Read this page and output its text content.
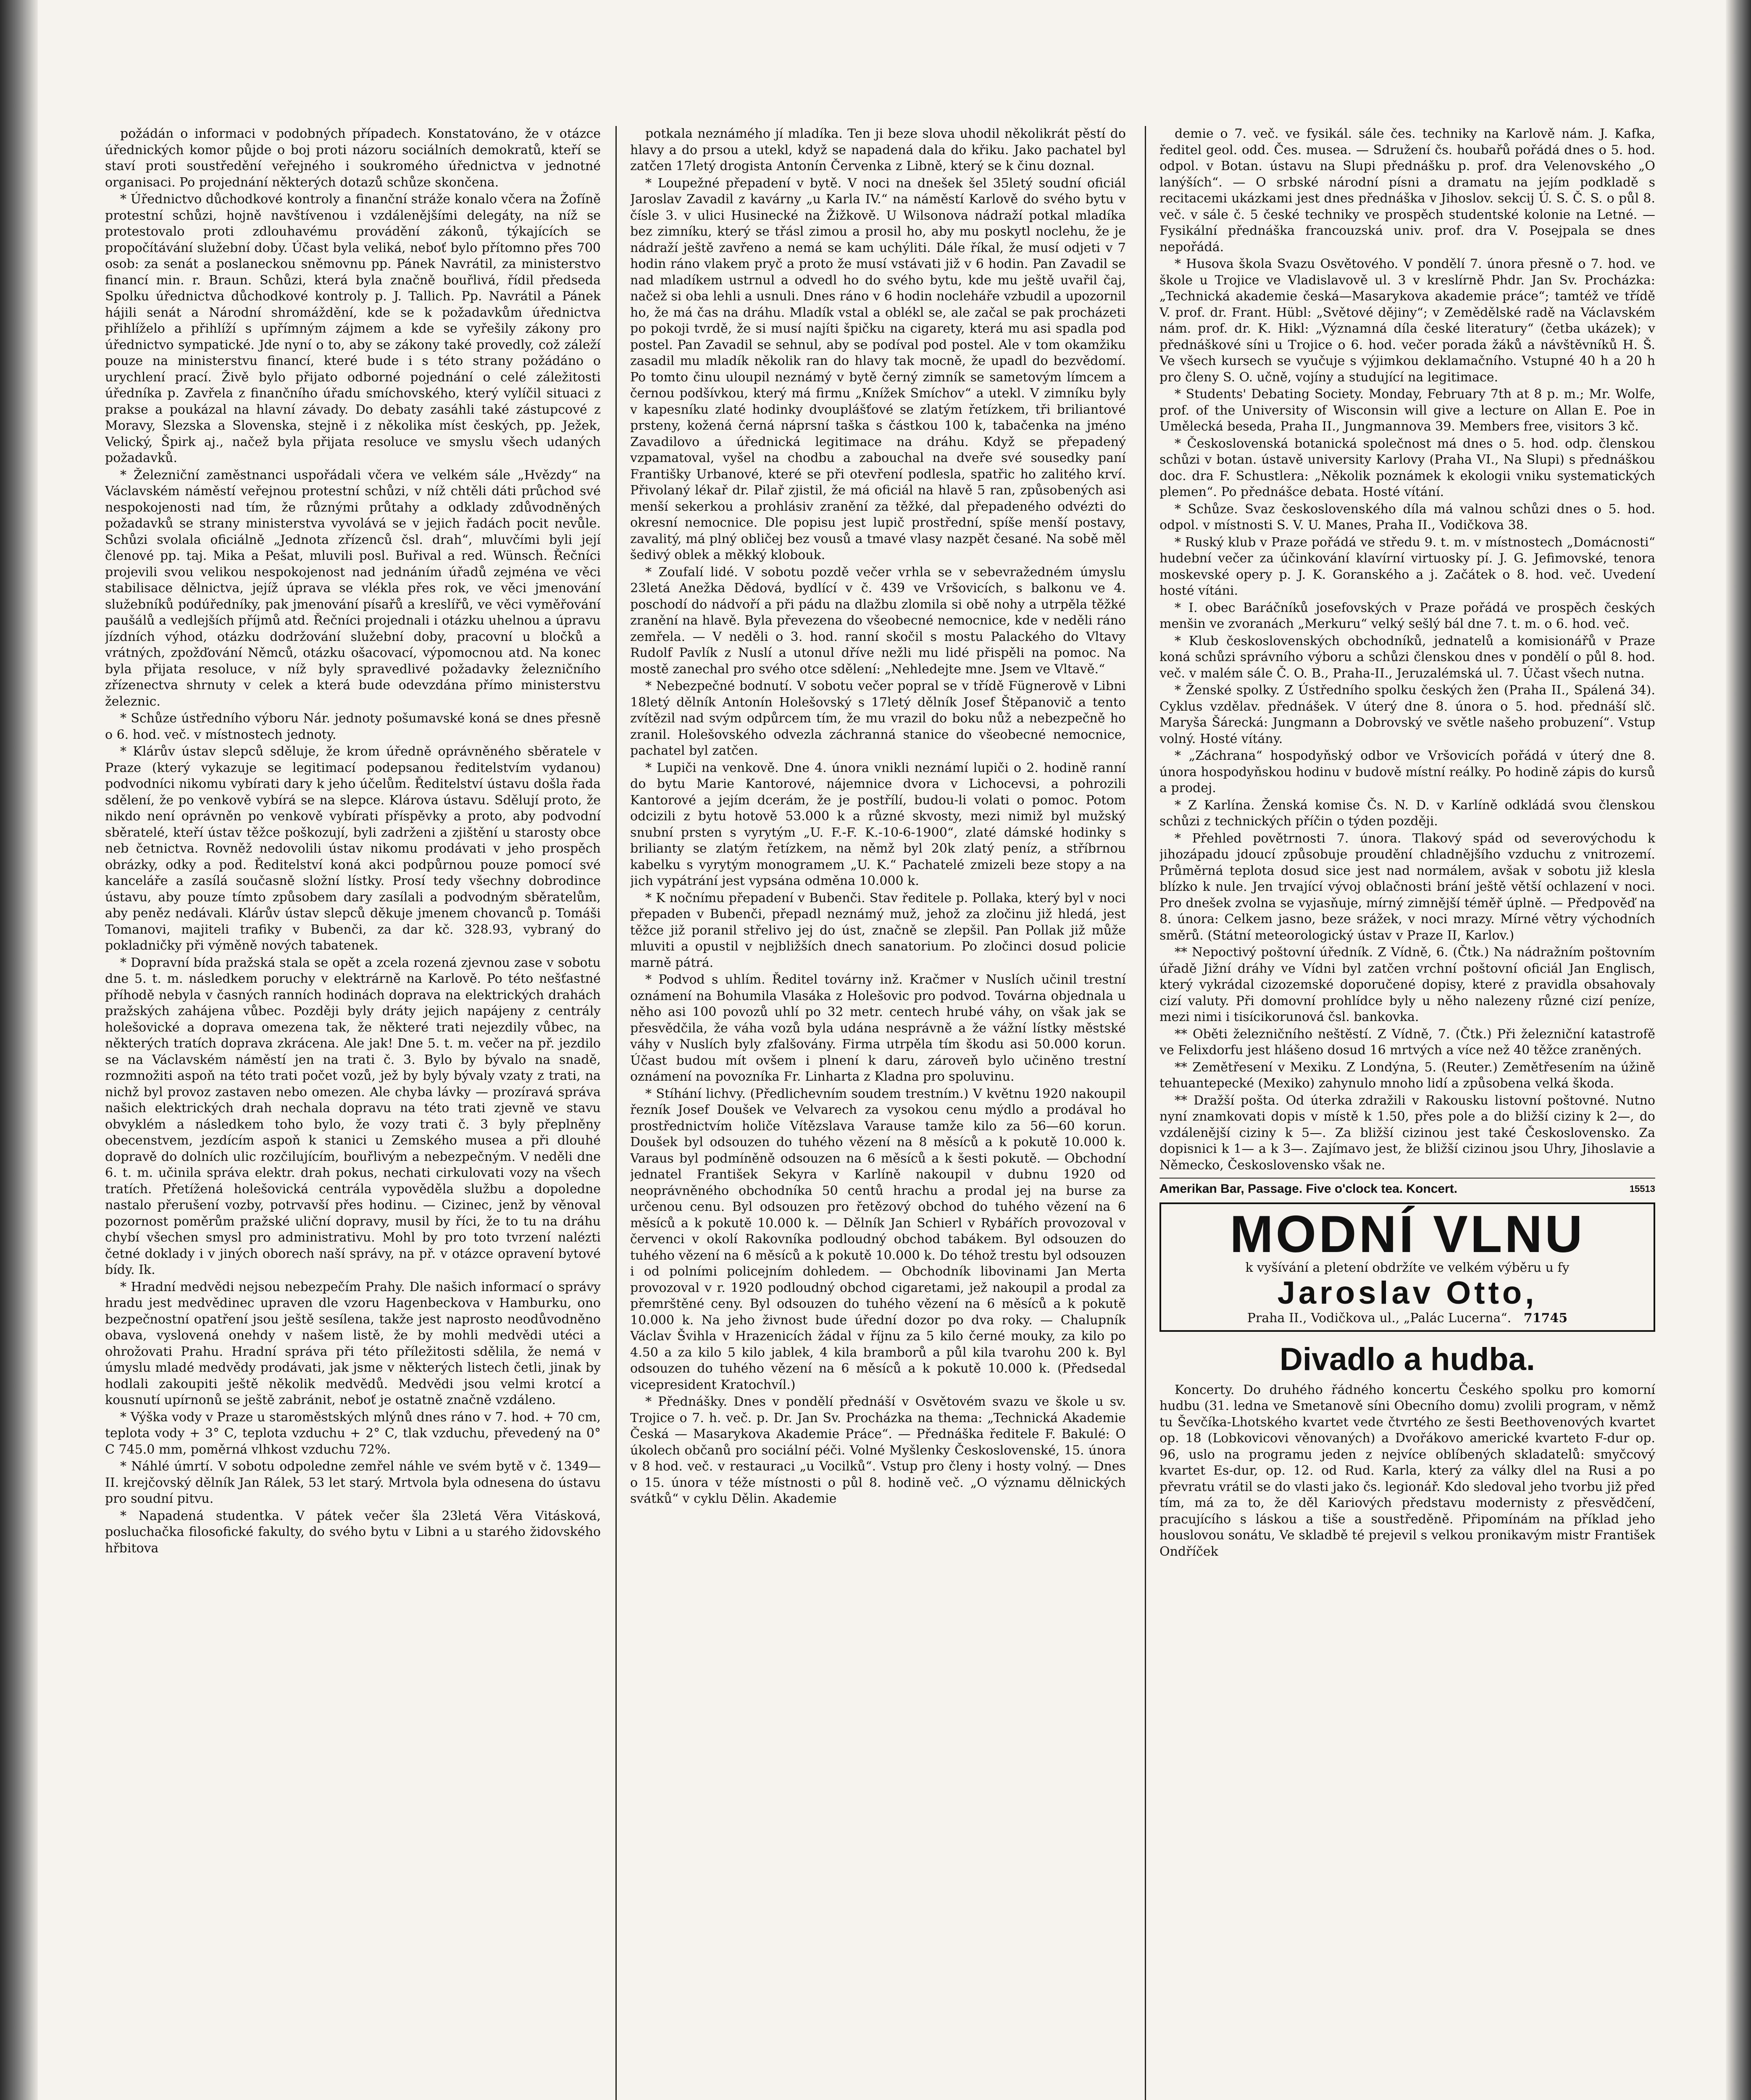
požádán o informaci v podobných případech. Konstatováno, že v otázce úřednických komor půjde o boj proti názoru sociálních demokratů, kteří se staví proti soustředění veřejného i soukromého úřednictva v jednotné organisaci. Po projednání některých dotazů schůze skončena.

* Úřednictvo důchodkové kontroly a finanční stráže konalo včera na Žofíně protestní schůzi, hojně navštívenou i vzdálenějšími delegáty, na níž se protestovalo proti zdlouhavému provádění zákonů, týkajících se propočítávání služební doby. Účast byla veliká, neboť bylo přítomno přes 700 osob: za senát a poslaneckou sněmovnu pp. Pánek Navrátil, za ministerstvo financí min. r. Braun. Schůzi, která byla značně bouřlivá, řídil předseda Spolku úřednictva důchodkové kontroly p. J. Tallich. Pp. Navrátil a Pánek hájili senát a Národní shromáždění, kde se k požadavkům úřednictva přihlíželo a přihlíží s upřímným zájmem a kde se vyřešily zákony pro úřednictvo sympatické. Jde nyní o to, aby se zákony také provedly, což záleží pouze na ministerstvu financí, které bude i s této strany požádáno o urychlení prací. Živě bylo přijato odborné pojednání o celé záležitosti úředníka p. Zavřela z finančního úřadu smíchovského, který vylíčil situaci z prakse a poukázal na hlavní závady. Do debaty zasáhli také zástupcové z Moravy, Slezska a Slovenska, stejně i z několika míst českých, pp. Ježek, Velický, Špirk aj., načež byla přijata resoluce ve smyslu všech udaných požadavků.

* Železniční zaměstnanci uspořádali včera ve velkém sále „Hvězdy“ na Václavském náměstí veřejnou protestní schůzi, v níž chtěli dáti průchod své nespokojenosti nad tím, že různými průtahy a odklady zdůvodněných požadavků se strany ministerstva vyvolává se v jejich řadách pocit nevůle. Schůzi svolala oficiálně „Jednota zřízenců čsl. drah“, mluvčími byli její členové pp. taj. Mika a Pešat, mluvili posl. Buřival a red. Wünsch. Řečníci projevili svou velikou nespokojenost nad jednáním úřadů zejména ve věci stabilisace dělnictva, jejíž úprava se vlékla přes rok, ve věci jmenování služebníků podúředníky, pak jmenování písařů a kreslířů, ve věci vyměřování paušálů a vedlejších příjmů atd. Řečníci projednali i otázku uhelnou a úpravu jízdních výhod, otázku dodržování služební doby, pracovní u bločků a vrátných, zpožďování Němců, otázku ošacovací, výpomocnou atd. Na konec byla přijata resoluce, v níž byly spravedlivé požadavky železničního zřízenectva shrnuty v celek a která bude odevzdána přímo ministerstvu železnic.

* Schůze ústředního výboru Nár. jednoty pošumavské koná se dnes přesně o 6. hod. več. v místnostech jednoty.

* Klárův ústav slepců sděluje, že krom úředně oprávněného sběratele v Praze (který vykazuje se legitimací podepsanou ředitelstvím vydanou) podvodníci nikomu vybírati dary k jeho účelům. Ředitelství ústavu došla řada sdělení, že po venkově vybírá se na slepce. Klárova ústavu. Sdělují proto, že nikdo není oprávněn po venkově vybírati příspěvky a proto, aby podvodní sběratelé, kteří ústav těžce poškozují, byli zadrženi a zjištění u starosty obce neb četnictva. Rovněž nedovolili ústav nikomu prodávati v jeho prospěch obrázky, odky a pod. Ředitelství koná akci podpůrnou pouze pomocí své kanceláře a zasílá současně složní lístky. Prosí tedy všechny dobrodince ústavu, aby pouze tímto způsobem dary zasílali a podvodným sběratelům, aby peněz nedávali. Klárův ústav slepců děkuje jmenem chovanců p. Tomáši Tomanovi, majiteli trafiky v Bubenči, za dar kč. 328.93, vybraný do pokladničky při výměně nových tabatenek.

* Dopravní bída pražská stala se opět a zcela rozená zjevnou zase v sobotu dne 5. t. m. následkem poruchy v elektrárně na Karlově. Po této nešťastné příhodě nebyla v časných ranních hodinách doprava na elektrických drahách pražských zahájena vůbec. Později byly dráty jejich napájeny z centrály holešovické a doprava omezena tak, že některé trati nejezdily vůbec, na některých tratích doprava zkrácena. Ale jak! Dne 5. t. m. večer na př. jezdilo se na Václavském náměstí jen na trati č. 3. Bylo by bývalo na snadě, rozmnožiti aspoň na této trati počet vozů, jež by byly bývaly vzaty z trati, na nichž byl provoz zastaven nebo omezen. Ale chyba lávky — prozíravá správa našich elektrických drah nechala dopravu na této trati zjevně ve stavu obvyklém a následkem toho bylo, že vozy trati č. 3 byly přeplněny obecenstvem, jezdícím aspoň k stanici u Zemského musea a při dlouhé dopravě do dolních ulic rozčilujícím, bouřlivým a nebezpečným. V neděli dne 6. t. m. učinila správa elektr. drah pokus, nechati cirkulovati vozy na všech tratích. Přetížená holešovická centrála vypověděla službu a dopoledne nastalo přerušení vozby, potrvavší přes hodinu. — Cizinec, jenž by věnoval pozornost poměrům pražské uliční dopravy, musil by říci, že to tu na dráhu chybí všechen smysl pro administrativu. Mohl by pro toto tvrzení nalézti četné doklady i v jiných oborech naší správy, na př. v otázce opravení bytové bídy. Ik.

* Hradní medvědi nejsou nebezpečím Prahy. Dle našich informací o správy hradu jest medvědinec upraven dle vzoru Hagenbeckova v Hamburku, ono bezpečnostní opatření jsou ještě sesílena, takže jest naprosto neodůvodněno obava, vyslovená onehdy v našem listě, že by mohli medvědi utéci a ohrožovati Prahu. Hradní správa při této příležitosti sdělila, že nemá v úmyslu mladé medvědy prodávati, jak jsme v některých listech četli, jinak by hodlali zakoupiti ještě několik medvědů. Medvědi jsou velmi krotcí a kousnutí upírnonů se ještě zabránit, neboť je ostatně značně vzdáleno.

* Výška vody v Praze u staroměstských mlýnů dnes ráno v 7. hod. + 70 cm, teplota vody + 3° C, teplota vzduchu + 2° C, tlak vzduchu, převedený na 0° C 745.0 mm, poměrná vlhkost vzduchu 72%.

* Náhlé úmrtí. V sobotu odpoledne zemřel náhle ve svém bytě v č. 1349—II. krejčovský dělník Jan Rálek, 53 let starý. Mrtvola byla odnesena do ústavu pro soudní pitvu.

* Napadená studentka. V pátek večer šla 23letá Věra Vitásková, posluchačka filosofické fakulty, do svého bytu v Libni a u starého židovského hřbitova

potkala neznámého jí mladíka. Ten ji beze slova uhodil několikrát pěstí do hlavy a do prsou a utekl, když se napadená dala do křiku. Jako pachatel byl zatčen 17letý drogista Antonín Červenka z Libně, který se k činu doznal.

* Loupežné přepadení v bytě. V noci na dnešek šel 35letý soudní oficiál Jaroslav Zavadil z kavárny „u Karla IV.“ na náměstí Karlově do svého bytu v čísle 3. v ulici Husinecké na Žižkově. U Wilsonova nádraží potkal mladíka bez zimníku, který se třásl zimou a prosil ho, aby mu poskytl noclehu, že je nádraží ještě zavřeno a nemá se kam uchýliti. Dále říkal, že musí odjeti v 7 hodin ráno vlakem pryč a proto že musí vstávati již v 6 hodin. Pan Zavadil se nad mladíkem ustrnul a odvedl ho do svého bytu, kde mu ještě uvařil čaj, načež si oba lehli a usnuli. Dnes ráno v 6 hodin nocleháře vzbudil a upozornil ho, že má čas na dráhu. Mladík vstal a oblékl se, ale začal se pak procházeti po pokoji tvrdě, že si musí najíti špičku na cigarety, která mu asi spadla pod postel. Pan Zavadil se sehnul, aby se podíval pod postel. Ale v tom okamžiku zasadil mu mladík několik ran do hlavy tak mocně, že upadl do bezvědomí. Po tomto činu uloupil neznámý v bytě černý zimník se sametovým límcem a černou podšívkou, který má firmu „Knížek Smíchov“ a utekl. V zimníku byly v kapesníku zlaté hodinky dvouplášťové se zlatým řetízkem, tři briliantové prsteny, kožená černá náprsní taška s částkou 100 k, tabačenka na jméno Zavadilovo a úřednická legitimace na dráhu. Když se přepadený vzpamatoval, vyšel na chodbu a zabouchal na dveře své sousedky paní Františky Urbanové, které se při otevření podlesla, spatřic ho zalitého krví. Přivolaný lékař dr. Pilař zjistil, že má oficiál na hlavě 5 ran, způsobených asi menší sekerkou a prohlásiv zranění za těžké, dal přepadeného odvézti do okresní nemocnice. Dle popisu jest lupič prostřední, spíše menší postavy, zavalitý, má plný obličej bez vousů a tmavé vlasy nazpět česané. Na sobě měl šedivý oblek a měkký klobouk.

* Zoufalí lidé. V sobotu pozdě večer vrhla se v sebevražedném úmyslu 23letá Anežka Dědová, bydlící v č. 439 ve Vršovicích, s balkonu ve 4. poschodí do nádvoří a při pádu na dlažbu zlomila si obě nohy a utrpěla těžké zranění na hlavě. Byla převezena do všeobecné nemocnice, kde v neděli ráno zemřela. — V neděli o 3. hod. ranní skočil s mostu Palackého do Vltavy Rudolf Pavlík z Nuslí a utonul dříve nežli mu lidé přispěli na pomoc. Na mostě zanechal pro svého otce sdělení: „Nehledejte mne. Jsem ve Vltavě.“

* Nebezpečné bodnutí. V sobotu večer popral se v třídě Fügnerově v Libni 18letý dělník Antonín Holešovský s 17letý dělník Josef Štěpanovič a tento zvítězil nad svým odpůrcem tím, že mu vrazil do boku nůž a nebezpečně ho zranil. Holešovského odvezla záchranná stanice do všeobecné nemocnice, pachatel byl zatčen.

* Lupiči na venkově. Dne 4. února vnikli neznámí lupiči o 2. hodině ranní do bytu Marie Kantorové, nájemnice dvora v Lichocevsi, a pohrozili Kantorové a jejím dcerám, že je postřílí, budou-li volati o pomoc. Potom odcizili z bytu hotově 53.000 k a různé skvosty, mezi nimiž byl mužský snubní prsten s vyrytým „U. F.-F. K.-10-6-1900“, zlaté dámské hodinky s brilianty se zlatým řetízkem, na němž byl 20k zlatý peníz, a stříbrnou kabelku s vyrytým monogramem „U. K.“ Pachatelé zmizeli beze stopy a na jich vypátrání jest vypsána odměna 10.000 k.

* K nočnímu přepadení v Bubenči. Stav ředitele p. Pollaka, který byl v noci přepaden v Bubenči, přepadl neznámý muž, jehož za zločinu již hledá, jest těžce již poranil střelivo jej do úst, značně se zlepšil. Pan Pollak již může mluviti a opustil v nejbližších dnech sanatorium. Po zločinci dosud policie marně pátrá.

* Podvod s uhlím. Ředitel továrny inž. Kračmer v Nuslích učinil trestní oznámení na Bohumila Vlasáka z Holešovic pro podvod. Továrna objednala u něho asi 100 povozů uhlí po 32 metr. centech hrubé váhy, on však jak se přesvědčila, že váha vozů byla udána nesprávně a že vážní lístky městské váhy v Nuslích byly zfalšovány. Firma utrpěla tím škodu asi 50.000 korun. Účast budou mít ovšem i plnení k daru, zároveň bylo učiněno trestní oznámení na povozníka Fr. Linharta z Kladna pro spoluvinu.

* Stíhání lichvy. (Předlichevním soudem trestním.) V květnu 1920 nakoupil řezník Josef Doušek ve Velvarech za vysokou cenu mýdlo a prodával ho prostřednictvím holiče Vítězslava Varause tamže kilo za 56—60 korun. Doušek byl odsouzen do tuhého vězení na 8 měsíců a k pokutě 10.000 k. Varaus byl podmíněně odsouzen na 6 měsíců a k šesti pokutě. — Obchodní jednatel František Sekyra v Karlíně nakoupil v dubnu 1920 od neoprávněného obchodníka 50 centů hrachu a prodal jej na burse za určenou cenu. Byl odsouzen pro řetězový obchod do tuhého vězení na 6 měsíců a k pokutě 10.000 k. — Dělník Jan Schierl v Rybářích provozoval v červenci v okolí Rakovníka podloudný obchod tabákem. Byl odsouzen do tuhého vězení na 6 měsíců a k pokutě 10.000 k. Do téhož trestu byl odsouzen i od polními policejním dohledem. — Obchodník libovinami Jan Merta provozoval v r. 1920 podloudný obchod cigaretami, jež nakoupil a prodal za přemrštěné ceny. Byl odsouzen do tuhého vězení na 6 měsíců a k pokutě 10.000 k. Na jeho živnost bude úřední dozor po dva roky. — Chalupník Václav Švihla v Hrazenicích žádal v říjnu za 5 kilo černé mouky, za kilo po 4.50 a za kilo 5 kilo jablek, 4 kila bramborů a půl kila tvarohu 200 k. Byl odsouzen do tuhého vězení na 6 měsíců a k pokutě 10.000 k. (Předsedal vicepresident Kratochvíl.)

* Přednášky. Dnes v pondělí přednáší v Osvětovém svazu ve škole u sv. Trojice o 7. h. več. p. Dr. Jan Sv. Procházka na thema: „Technická Akademie Česká — Masarykova Akademie Práce“. — Přednáška ředitele F. Bakulé: O úkolech občanů pro sociální péči. Volné Myšlenky Československé, 15. února v 8 hod. več. v restauraci „u Vocilků“. Vstup pro členy i hosty volný. — Dnes o 15. února v téže místnosti o půl 8. hodině več. „O významu dělnických svátků“ v cyklu Dělin. Akademie

demie o 7. več. ve fysikál. sále čes. techniky na Karlově nám. J. Kafka, ředitel geol. odd. Čes. musea. — Sdružení čs. houbařů pořádá dnes o 5. hod. odpol. v Botan. ústavu na Slupi přednášku p. prof. dra Velenovského „O lanýších“. — O srbské národní písni a dramatu na jejím podkladě s recitacemi ukázkami jest dnes přednáška v Jihoslov. sekcij Ú. S. Č. S. o půl 8. več. v sále č. 5 české techniky ve prospěch studentské kolonie na Letné. — Fysikální přednáška francouzská univ. prof. dra V. Posejpala se dnes nepořádá.

* Husova škola Svazu Osvětového. V pondělí 7. února přesně o 7. hod. ve škole u Trojice ve Vladislavově ul. 3 v kreslírně Phdr. Jan Sv. Procházka: „Technická akademie česká—Masarykova akademie práce“; tamtéž ve třídě V. prof. dr. Frant. Hübl: „Světové dějiny“; v Zemědělské radě na Václavském nám. prof. dr. K. Hikl: „Významná díla české literatury“ (četba ukázek); v přednáškové síni u Trojice o 6. hod. večer porada žáků a návštěvníků H. Š. Ve všech kursech se vyučuje s výjimkou deklamačního. Vstupné 40 h a 20 h pro členy S. O. učně, vojíny a studující na legitimace.

* Students' Debating Society. Monday, February 7th at 8 p. m.; Mr. Wolfe, prof. of the University of Wisconsin will give a lecture on Allan E. Poe in Umělecká beseda, Praha II., Jungmannova 39. Members free, visitors 3 kč.

* Československá botanická společnost má dnes o 5. hod. odp. členskou schůzi v botan. ústavě university Karlovy (Praha VI., Na Slupi) s přednáškou doc. dra F. Schustlera: „Několik poznámek k ekologii vniku systematických plemen“. Po přednášce debata. Hosté vítání.

* Schůze. Svaz československého díla má valnou schůzi dnes o 5. hod. odpol. v místnosti S. V. U. Manes, Praha II., Vodičkova 38.

* Ruský klub v Praze pořádá ve středu 9. t. m. v místnostech „Domácnosti“ hudební večer za účinkování klavírní virtuosky pí. J. G. Jefimovské, tenora moskevské opery p. J. K. Goranského a j. Začátek o 8. hod. več. Uvedení hosté vítáni.

* I. obec Baráčníků josefovských v Praze pořádá ve prospěch českých menšin ve zvoranách „Merkuru“ velký sešlý bál dne 7. t. m. o 6. hod. več.

* Klub československých obchodníků, jednatelů a komisionářů v Praze koná schůzi správního výboru a schůzi členskou dnes v pondělí o půl 8. hod. več. v malém sále Č. O. B., Praha-II., Jeruzalémská ul. 7. Účast všech nutna.

* Ženské spolky. Z Ústředního spolku českých žen (Praha II., Spálená 34). Cyklus vzdělav. přednášek. V úterý dne 8. února o 5. hod. přednáší slč. Maryša Šárecká: Jungmann a Dobrovský ve světle našeho probuzení“. Vstup volný. Hosté vítány.

* „Záchrana“ hospodyňský odbor ve Vršovicích pořádá v úterý dne 8. února hospodyňskou hodinu v budově místní reálky. Po hodině zápis do kursů a prodej.

* Z Karlína. Ženská komise Čs. N. D. v Karlíně odkládá svou členskou schůzi z technických příčin o týden později.

* Přehled povětrnosti 7. února. Tlakový spád od severovýchodu k jihozápadu jdoucí způsobuje proudění chladnějšího vzduchu z vnitrozemí. Průměrná teplota dosud sice jest nad normálem, avšak v sobotu již klesla blízko k nule. Jen trvající vývoj oblačnosti brání ještě větší ochlazení v noci. Pro dnešek zvolna se vyjasňuje, mírný zimnější téměř úplně. — Předpověď na 8. února: Celkem jasno, beze srážek, v noci mrazy. Mírné větry východních směrů. (Státní meteorologický ústav v Praze II, Karlov.)

** Nepoctivý poštovní úředník. Z Vídně, 6. (Čtk.) Na nádražním poštovním úřadě Jižní dráhy ve Vídni byl zatčen vrchní poštovní oficiál Jan Englisch, který vykrádal cizozemské doporučené dopisy, které z pravidla obsahovaly cizí valuty. Při domovní prohlídce byly u něho nalezeny různé cizí peníze, mezi nimi i tisícikorunová čsl. bankovka.

** Oběti železničního neštěstí. Z Vídně, 7. (Čtk.) Při železniční katastrofě ve Felixdorfu jest hlášeno dosud 16 mrtvých a více než 40 těžce zraněných.

** Zemětřesení v Mexiku. Z Londýna, 5. (Reuter.) Zemětřesením na úžině tehuantepecké (Mexiko) zahynulo mnoho lidí a způsobena velká škoda.

** Dražší pošta. Od úterka zdražili v Rakousku listovní poštovné. Nutno nyní znamkovati dopis v místě k 1.50, přes pole a do bližší ciziny k 2—, do vzdálenější ciziny k 5—. Za bližší cizinou jest také Československo. Za dopisnici k 1— a k 3—. Zajímavo jest, že bližší cizinou jsou Uhry, Jihoslavie a Německo, Československo však ne.

Amerikan Bar, Passage. Five o'clock tea. Koncert.	15513
MODNÍ VLNU
k vyšívání a pletení obdržíte ve velkém výběru u fy
Jaroslav Otto,
Praha II., Vodičkova ul., „Palác Lucerna“. 71745
Divadlo a hudba.

Koncerty. Do druhého řádného koncertu Českého spolku pro komorní hudbu (31. ledna ve Smetanově síni Obecního domu) zvolili program, v němž tu Ševčíka-Lhotského kvartet vede čtvrtého ze šesti Beethovenových kvartet op. 18 (Lobkovicovi věnovaných) a Dvořákovo americké kvarteto F-dur op. 96, uslo na programu jeden z nejvíce oblíbených skladatelů: smyčcový kvartet Es-dur, op. 12. od Rud. Karla, který za války dlel na Rusi a po převratu vrátil se do vlasti jako čs. legionář. Kdo sledoval jeho tvorbu již před tím, má za to, že děl Kariových představu modernisty z přesvědčení, pracujícího s láskou a tiše a soustředěně. Připomínám na příklad jeho houslovou sonátu, Ve skladbě té prejevil s velkou pronikavým mistr František Ondříček
